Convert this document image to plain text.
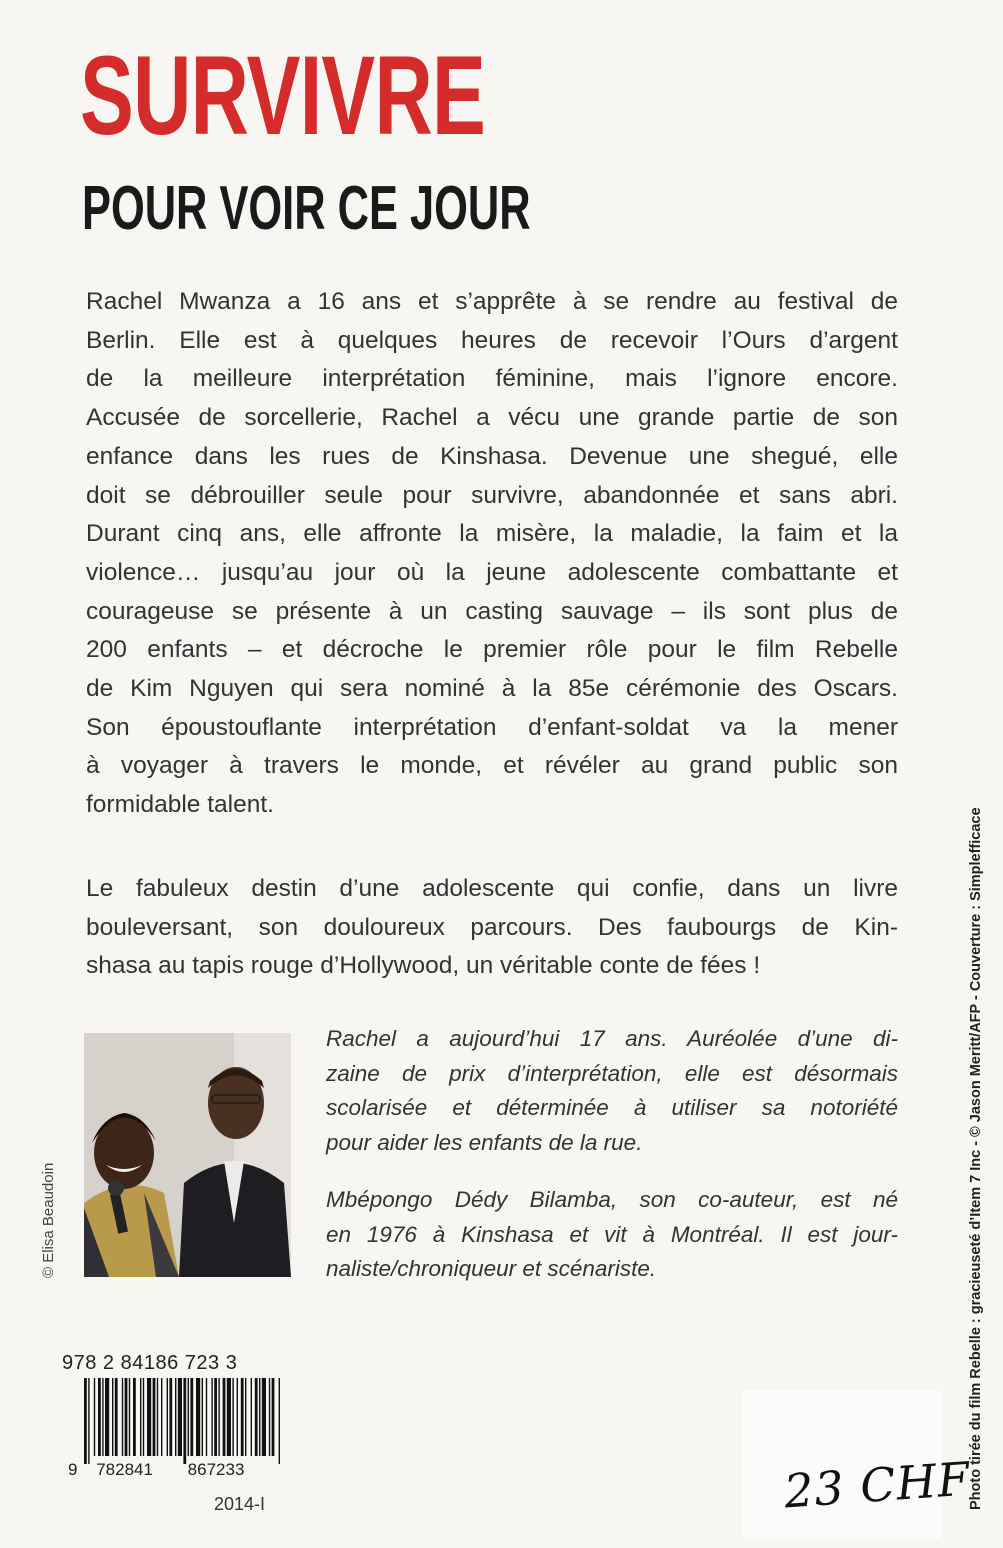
SURVIVRE
POUR VOIR CE JOUR
Rachel Mwanza a 16 ans et s’apprête à se rendre au festival de
Berlin. Elle est à quelques heures de recevoir l’Ours d’argent
de la meilleure interprétation féminine, mais l’ignore encore.
Accusée de sorcellerie, Rachel a vécu une grande partie de son
enfance dans les rues de Kinshasa. Devenue une shegué, elle
doit se débrouiller seule pour survivre, abandonnée et sans abri.
Durant cinq ans, elle affronte la misère, la maladie, la faim et la
violence… jusqu’au jour où la jeune adolescente combattante et
courageuse se présente à un casting sauvage – ils sont plus de
200 enfants – et décroche le premier rôle pour le film Rebelle
de Kim Nguyen qui sera nominé à la 85e cérémonie des Oscars.
Son époustouflante interprétation d’enfant-soldat va la mener
à voyager à travers le monde, et révéler au grand public son
formidable talent.
Le fabuleux destin d’une adolescente qui confie, dans un livre
bouleversant, son douloureux parcours. Des faubourgs de Kin-
shasa au tapis rouge d’Hollywood, un véritable conte de fées !
© Elisa Beaudoin
Rachel a aujourd’hui 17 ans. Auréolée d’une di-
zaine de prix d’interprétation, elle est désormais
scolarisée et déterminée à utiliser sa notoriété
pour aider les enfants de la rue.
Mbépongo Dédy Bilamba, son co-auteur, est né
en 1976 à Kinshasa et vit à Montréal. Il est jour-
naliste/chroniqueur et scénariste.	Photo tirée du film Rebelle : gracieuseté d’Item 7 Inc - © Jason Meritt/AFP - Couverture : Simplefficace
978 2 84186 723 3
9 782841 867233
2014-I	23 CHF
